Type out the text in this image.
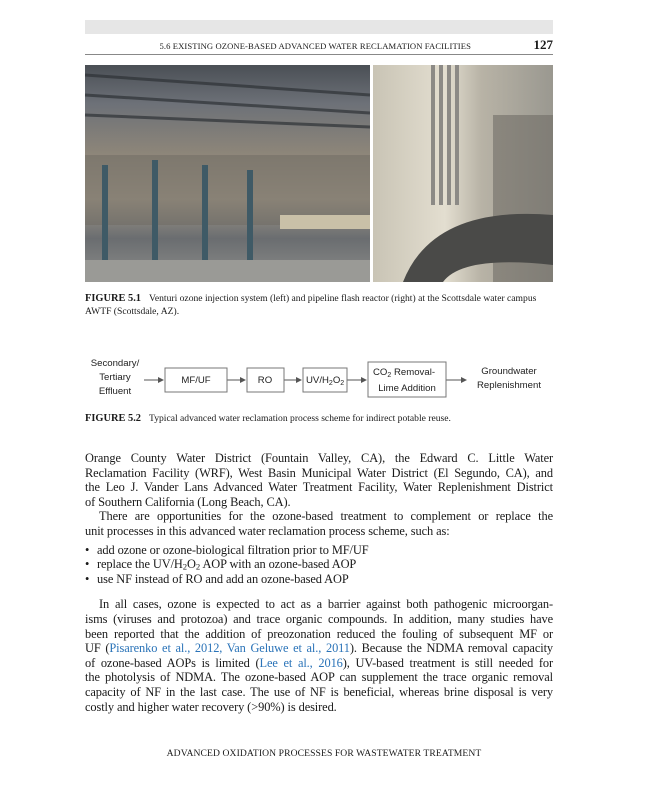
5.6 EXISTING OZONE-BASED ADVANCED WATER RECLAMATION FACILITIES	127
FIGURE 5.1 Venturi ozone injection system (left) and pipeline flash reactor (right) at the Scottsdale water campus AWTF (Scottsdale, AZ).
Secondary/
Tertiary
Effluent
MF/UF	RO	$UV/H_2O_2$
$CO_2$ Removal-
Lime Addition
Groundwater
Replenishment
FIGURE 5.2 Typical advanced water reclamation process scheme for indirect potable reuse.
Orange County Water District (Fountain Valley, CA), the Edward C. Little Water
Reclamation Facility (WRF), West Basin Municipal Water District (El Segundo, CA), and
the Leo J. Vander Lans Advanced Water Treatment Facility, Water Replenishment District
of Southern California (Long Beach, CA).
There are opportunities for the ozone-based treatment to complement or replace the
unit processes in this advanced water reclamation process scheme, such as:
• add ozone or ozone-biological filtration prior to MF/UF
• replace the $UV/H_2O_2$ AOP with an ozone-based AOP
• use NF instead of RO and add an ozone-based AOP
In all cases, ozone is expected to act as a barrier against both pathogenic microorgan-
isms (viruses and protozoa) and trace organic compounds. In addition, many studies have
been reported that the addition of preozonation reduced the fouling of subsequent MF or
UF (Pisarenko et al., 2012, Van Geluwe et al., 2011). Because the NDMA removal capacity
of ozone-based AOPs is limited (Lee et al., 2016), UV-based treatment is still needed for
the photolysis of NDMA. The ozone-based AOP can supplement the trace organic removal
capacity of NF in the last case. The use of NF is beneficial, whereas brine disposal is very
costly and higher water recovery (>90%) is desired.
ADVANCED OXIDATION PROCESSES FOR WASTEWATER TREATMENT
